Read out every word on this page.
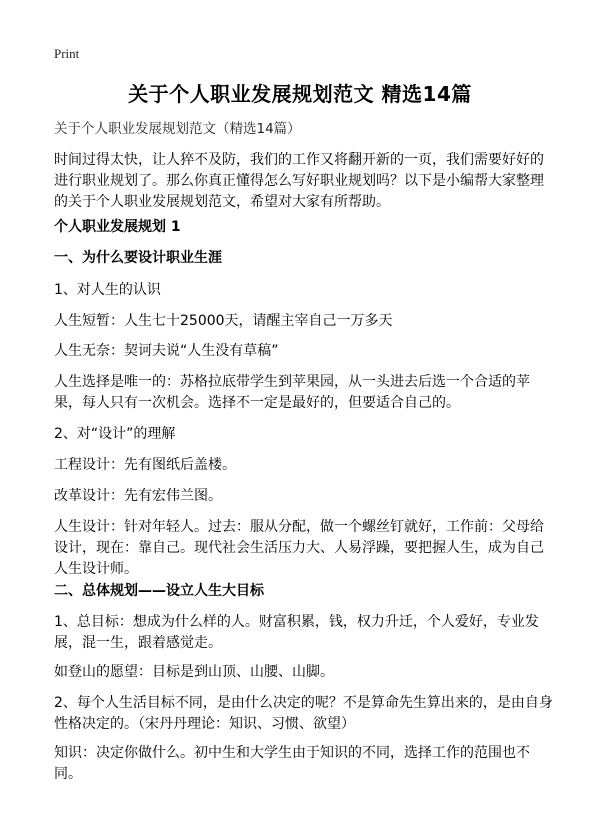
Print
关于个人职业发展规划范文 精选14篇
关于个人职业发展规划范文（精选14篇）
时间过得太快，让人猝不及防，我们的工作又将翻开新的一页，我们需要好好的进行职业规划了。那么你真正懂得怎么写好职业规划吗？以下是小编帮大家整理的关于个人职业发展规划范文，希望对大家有所帮助。
个人职业发展规划 1
一、为什么要设计职业生涯
1、对人生的认识
人生短暂：人生七十25000天，请醒主宰自己一万多天
人生无奈：契诃夫说“人生没有草稿”
人生选择是唯一的：苏格拉底带学生到苹果园，从一头进去后选一个合适的苹果，每人只有一次机会。选择不一定是最好的，但要适合自己的。
2、对“设计”的理解
工程设计：先有图纸后盖楼。
改革设计：先有宏伟兰图。
人生设计：针对年轻人。过去：服从分配，做一个螺丝钉就好，工作前：父母给设计，现在：靠自己。现代社会生活压力大、人易浮躁，要把握人生，成为自己人生设计师。
二、总体规划——设立人生大目标
1、总目标：想成为什么样的人。财富积累，钱，权力升迁，个人爱好，专业发展，混一生，跟着感觉走。
如登山的愿望：目标是到山顶、山腰、山脚。
2、每个人生活目标不同，是由什么决定的呢？不是算命先生算出来的，是由自身性格决定的。（宋丹丹理论：知识、习惯、欲望）
知识：决定你做什么。初中生和大学生由于知识的不同，选择工作的范围也不同。
